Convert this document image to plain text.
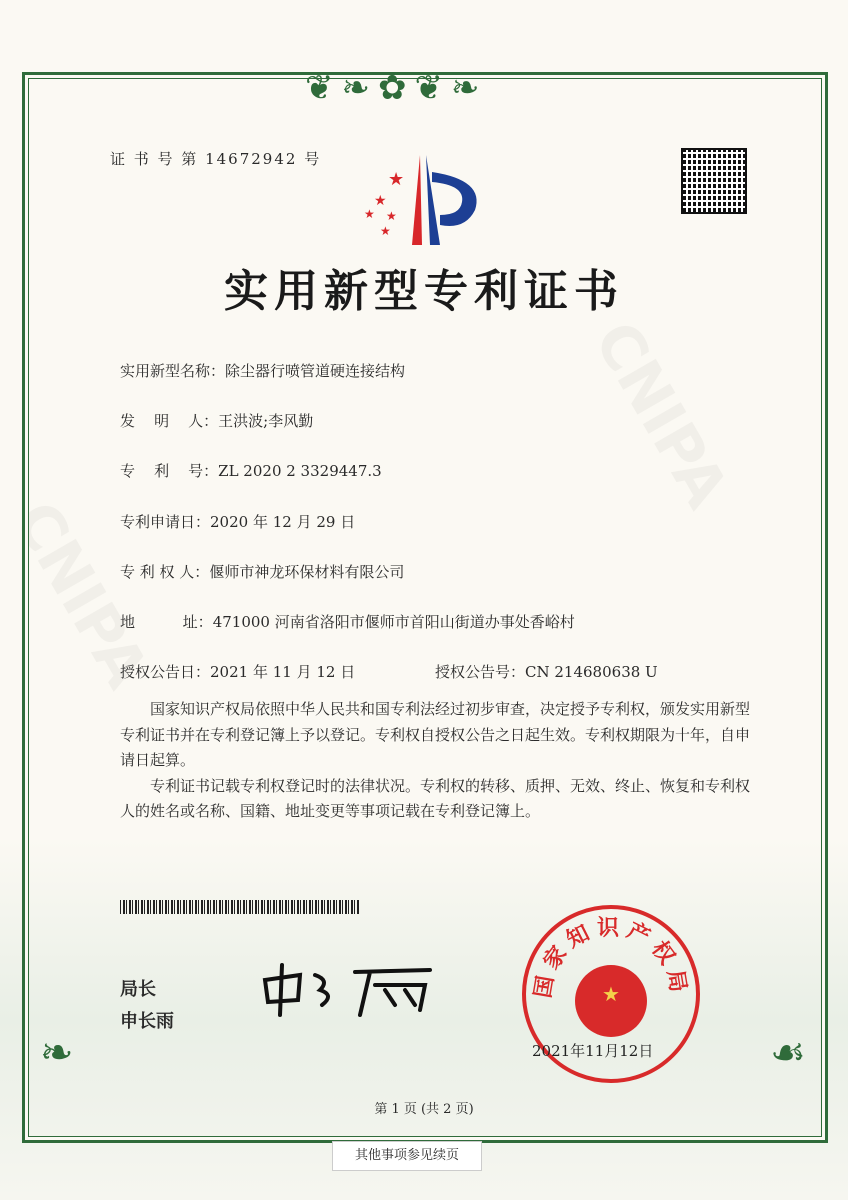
❦❧✿❦❧
❧	☙
证 书 号 第 14672942 号
★
★
★
★
★
实用新型专利证书
实用新型名称：除尘器行喷管道硬连接结构
发    明    人：王洪波;李风勤
专    利    号：ZL 2020 2 3329447.3
专利申请日：2020 年 12 月 29 日
专 利 权 人：偃师市神龙环保材料有限公司
地          址：471000 河南省洛阳市偃师市首阳山街道办事处香峪村
授权公告日：2021 年 11 月 12 日	授权公告号：CN 214680638 U

国家知识产权局依照中华人民共和国专利法经过初步审查，决定授予专利权，颁发实用新型专利证书并在专利登记簿上予以登记。专利权自授权公告之日起生效。专利权期限为十年，自申请日起算。

专利证书记载专利权登记时的法律状况。专利权的转移、质押、无效、终止、恢复和专利权人的姓名或名称、国籍、地址变更等事项记载在专利登记簿上。

局长
申长雨
国家知识产权局
★
2021年11月12日
第 1 页 (共 2 页)
其他事项参见续页
